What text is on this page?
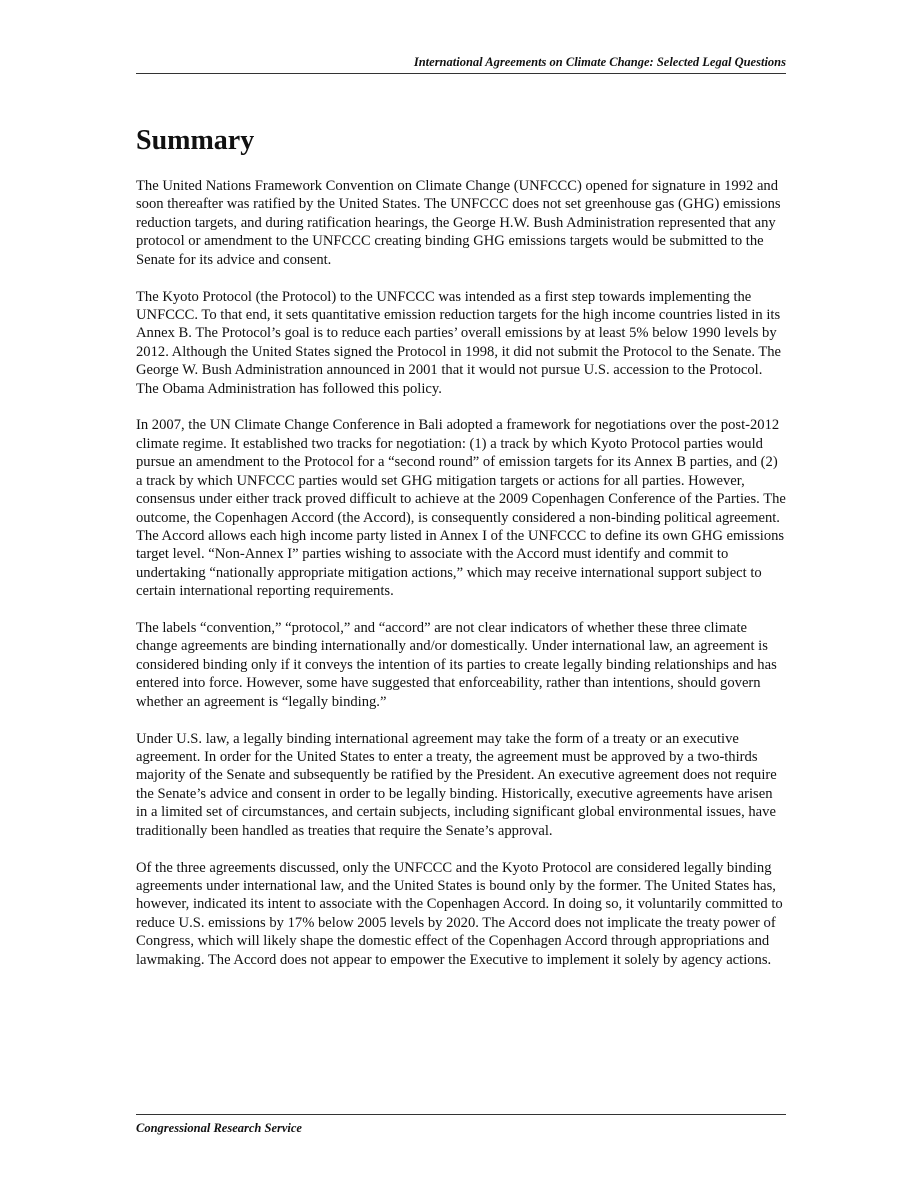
International Agreements on Climate Change: Selected Legal Questions
Summary

The United Nations Framework Convention on Climate Change (UNFCCC) opened for signature in 1992 and soon thereafter was ratified by the United States. The UNFCCC does not set greenhouse gas (GHG) emissions reduction targets, and during ratification hearings, the George H.W. Bush Administration represented that any protocol or amendment to the UNFCCC creating binding GHG emissions targets would be submitted to the Senate for its advice and consent.

The Kyoto Protocol (the Protocol) to the UNFCCC was intended as a first step towards implementing the UNFCCC. To that end, it sets quantitative emission reduction targets for the high income countries listed in its Annex B. The Protocol’s goal is to reduce each parties’ overall emissions by at least 5% below 1990 levels by 2012. Although the United States signed the Protocol in 1998, it did not submit the Protocol to the Senate. The George W. Bush Administration announced in 2001 that it would not pursue U.S. accession to the Protocol. The Obama Administration has followed this policy.

In 2007, the UN Climate Change Conference in Bali adopted a framework for negotiations over the post-2012 climate regime. It established two tracks for negotiation: (1) a track by which Kyoto Protocol parties would pursue an amendment to the Protocol for a “second round” of emission targets for its Annex B parties, and (2) a track by which UNFCCC parties would set GHG mitigation targets or actions for all parties. However, consensus under either track proved difficult to achieve at the 2009 Copenhagen Conference of the Parties. The outcome, the Copenhagen Accord (the Accord), is consequently considered a non-binding political agreement. The Accord allows each high income party listed in Annex I of the UNFCCC to define its own GHG emissions target level. “Non-Annex I” parties wishing to associate with the Accord must identify and commit to undertaking “nationally appropriate mitigation actions,” which may receive international support subject to certain international reporting requirements.

The labels “convention,” “protocol,” and “accord” are not clear indicators of whether these three climate change agreements are binding internationally and/or domestically. Under international law, an agreement is considered binding only if it conveys the intention of its parties to create legally binding relationships and has entered into force. However, some have suggested that enforceability, rather than intentions, should govern whether an agreement is “legally binding.”

Under U.S. law, a legally binding international agreement may take the form of a treaty or an executive agreement. In order for the United States to enter a treaty, the agreement must be approved by a two-thirds majority of the Senate and subsequently be ratified by the President. An executive agreement does not require the Senate’s advice and consent in order to be legally binding. Historically, executive agreements have arisen in a limited set of circumstances, and certain subjects, including significant global environmental issues, have traditionally been handled as treaties that require the Senate’s approval.

Of the three agreements discussed, only the UNFCCC and the Kyoto Protocol are considered legally binding agreements under international law, and the United States is bound only by the former. The United States has, however, indicated its intent to associate with the Copenhagen Accord. In doing so, it voluntarily committed to reduce U.S. emissions by 17% below 2005 levels by 2020. The Accord does not implicate the treaty power of Congress, which will likely shape the domestic effect of the Copenhagen Accord through appropriations and lawmaking. The Accord does not appear to empower the Executive to implement it solely by agency actions.

Congressional Research Service
